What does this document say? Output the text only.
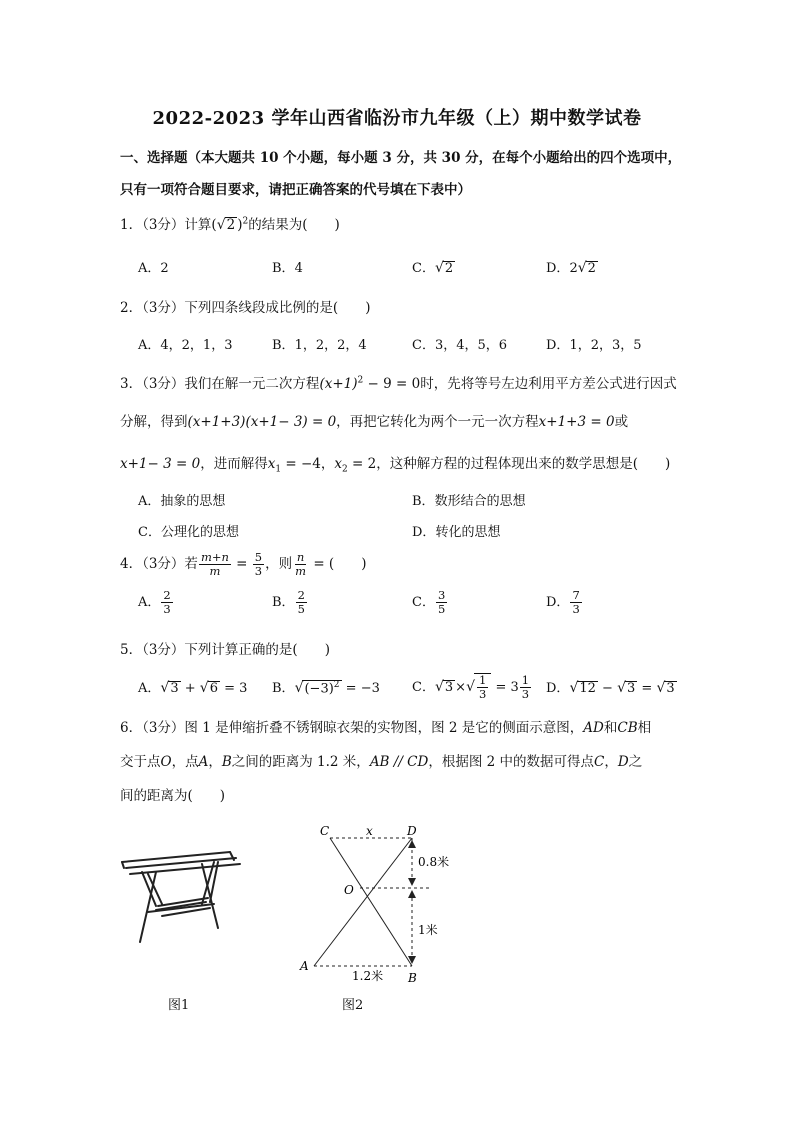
2022-2023 学年山西省临汾市九年级（上）期中数学试卷
一、选择题（本大题共 10 个小题，每小题 3 分，共 30 分，在每个小题给出的四个选项中，
只有一项符合题目要求，请把正确答案的代号填在下表中）
1．（3分）计算(√2 )$^2$的结果为(　　)
A．2	B．4	C．√2	D．2√2
2．（3分）下列四条线段成比例的是(　　)
A．4，2，1，3	B．1，2，2，4	C．3，4，5，6	D．1，2，3，5
3．（3分）我们在解一元二次方程$(x+1)^2 - 9 = 0$时，先将等号左边利用平方差公式进行因式
分解，得到(x+1+3)(x+1− 3) = 0，再把它转化为两个一元一次方程x+1+3 = 0或
x+1− 3 = 0，进而解得$x_1 = -4$，$x_2 = 2$，这种解方程的过程体现出来的数学思想是(　　)
A．抽象的思想	B．数形结合的思想
C．公理化的思想	D．转化的思想
4．（3分）若 $\frac{m+n}{m} = \frac{5}{3}$ ，则 $\frac{n}{m}$ = (　　)
A． $\frac{2}{3}$	B． $\frac{2}{5}$	C． $\frac{3}{5}$	D． $\frac{7}{3}$
5．（3分）下列计算正确的是(　　)
A．√3 + √6 = 3 B．$√(-3)^2 = -3$ C．√3 ×√ $\frac{1}{3} = 3 \frac{1}{3}$ D．√12 − √3 = √3
6．（3分）图 1 是伸缩折叠不锈钢晾衣架的实物图，图 2 是它的侧面示意图，AD和CB相
交于点O，点A，B之间的距离为 1.2 米，AB // CD，根据图 2 中的数据可得点C，D之
间的距离为(　　)
图1
C	D
x
O
A
B
0.8米
1米
1.2米
图2
